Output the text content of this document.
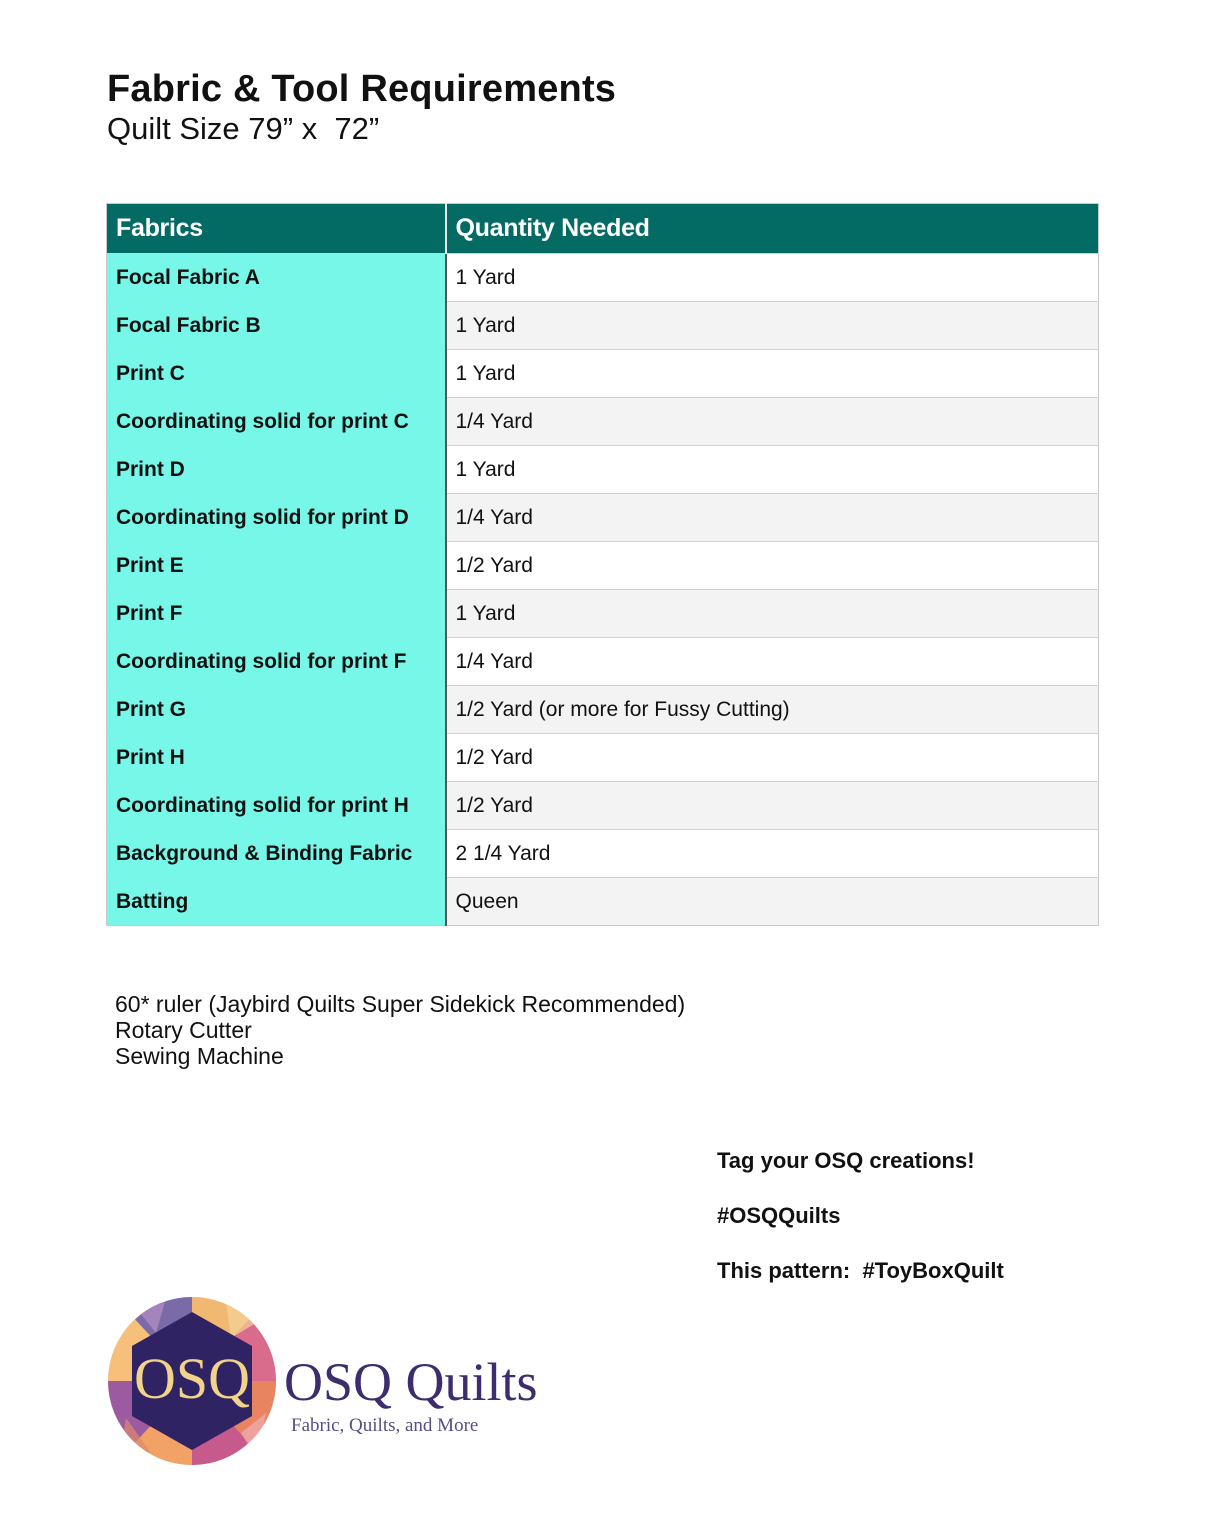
Fabric & Tool Requirements
Quilt Size 79” x  72”
Fabrics	Quantity Needed
Focal Fabric A	1 Yard
Focal Fabric B	1 Yard
Print C	1 Yard
Coordinating solid for print C	1/4 Yard
Print D	1 Yard
Coordinating solid for print D	1/4 Yard
Print E	1/2 Yard
Print F	1 Yard
Coordinating solid for print F	1/4 Yard
Print G	1/2 Yard (or more for Fussy Cutting)
Print H	1/2 Yard
Coordinating solid for print H	1/2 Yard
Background & Binding Fabric	2 1/4 Yard
Batting	Queen
60* ruler (Jaybird Quilts Super Sidekick Recommended)
Rotary Cutter
Sewing Machine
Tag your OSQ creations!
#OSQQuilts
This pattern:  #ToyBoxQuilt
OSQ OSQ Quilts
Fabric, Quilts, and More
